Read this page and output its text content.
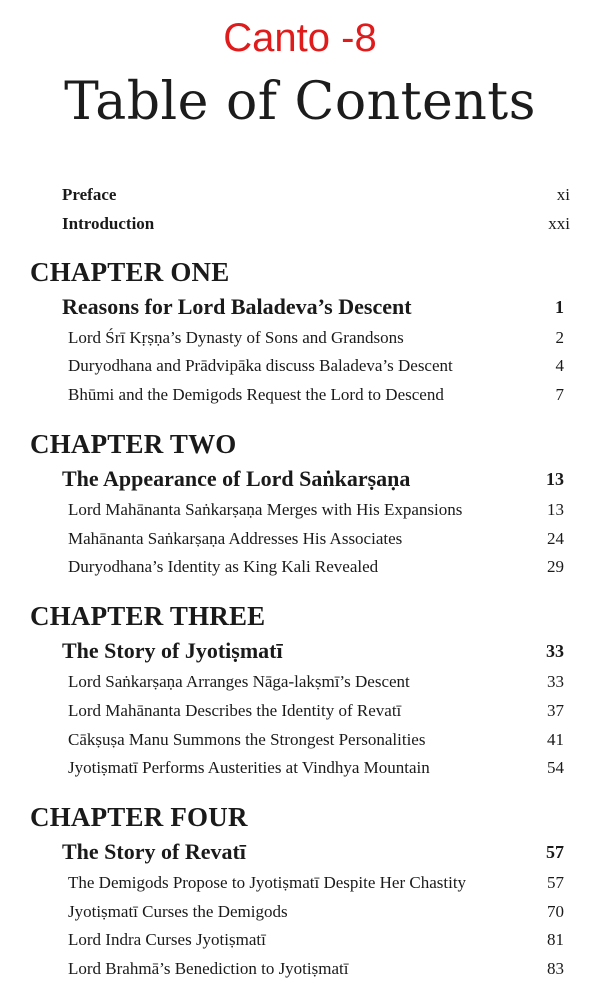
Canto -8
Table of Contents
Preface	xi
Introduction	xxi
CHAPTER ONE
Reasons for Lord Baladeva’s Descent	1
Lord Śrī Kṛṣṇa’s Dynasty of Sons and Grandsons	2
Duryodhana and Prādvipāka discuss Baladeva’s Descent	4
Bhūmi and the Demigods Request the Lord to Descend	7
CHAPTER TWO
The Appearance of Lord Saṅkarṣaṇa	13
Lord Mahānanta Saṅkarṣaṇa Merges with His Expansions	13
Mahānanta Saṅkarṣaṇa Addresses His Associates	24
Duryodhana’s Identity as King Kali Revealed	29
CHAPTER THREE
The Story of Jyotiṣmatī	33
Lord Saṅkarṣaṇa Arranges Nāga-lakṣmī’s Descent	33
Lord Mahānanta Describes the Identity of Revatī	37
Cākṣuṣa Manu Summons the Strongest Personalities	41
Jyotiṣmatī Performs Austerities at Vindhya Mountain	54
CHAPTER FOUR
The Story of Revatī	57
The Demigods Propose to Jyotiṣmatī Despite Her Chastity	57
Jyotiṣmatī Curses the Demigods	70
Lord Indra Curses Jyotiṣmatī	81
Lord Brahmā’s Benediction to Jyotiṣmatī	83
